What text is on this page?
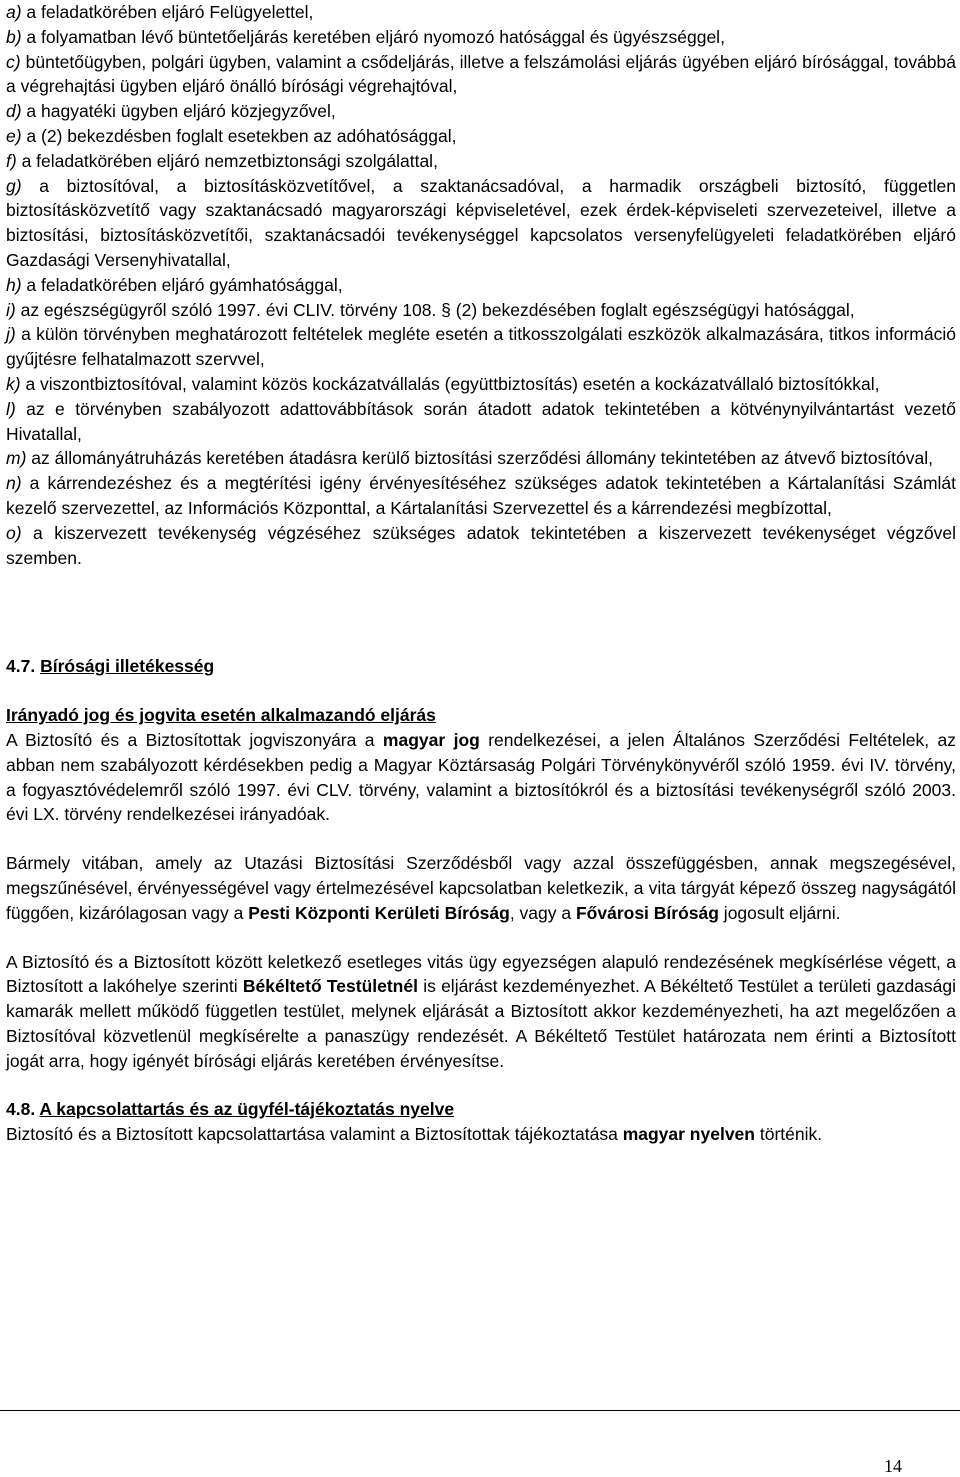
a) a feladatkörében eljáró Felügyelettel,

b) a folyamatban lévő büntetőeljárás keretében eljáró nyomozó hatósággal és ügyészséggel,

c) büntetőügyben, polgári ügyben, valamint a csődeljárás, illetve a felszámolási eljárás ügyében eljáró bírósággal, továbbá a végrehajtási ügyben eljáró önálló bírósági végrehajtóval,

d) a hagyatéki ügyben eljáró közjegyzővel,

e) a (2) bekezdésben foglalt esetekben az adóhatósággal,

f) a feladatkörében eljáró nemzetbiztonsági szolgálattal,

g) a biztosítóval, a biztosításközvetítővel, a szaktanácsadóval, a harmadik országbeli biztosító, független biztosításközvetítő vagy szaktanácsadó magyarországi képviseletével, ezek érdek-képviseleti szervezeteivel, illetve a biztosítási, biztosításközvetítői, szaktanácsadói tevékenységgel kapcsolatos versenyfelügyeleti feladatkörében eljáró Gazdasági Versenyhivatallal,

h) a feladatkörében eljáró gyámhatósággal,

i) az egészségügyről szóló 1997. évi CLIV. törvény 108. § (2) bekezdésében foglalt egészségügyi hatósággal,

j) a külön törvényben meghatározott feltételek megléte esetén a titkosszolgálati eszközök alkalmazására, titkos információ gyűjtésre felhatalmazott szervvel,

k) a viszontbiztosítóval, valamint közös kockázatvállalás (együttbiztosítás) esetén a kockázatvállaló biztosítókkal,

l) az e törvényben szabályozott adattovábbítások során átadott adatok tekintetében a kötvénynyilvántartást vezető Hivatallal,

m) az állományátruházás keretében átadásra kerülő biztosítási szerződési állomány tekintetében az átvevő biztosítóval,

n) a kárrendezéshez és a megtérítési igény érvényesítéséhez szükséges adatok tekintetében a Kártalanítási Számlát kezelő szervezettel, az Információs Központtal, a Kártalanítási Szervezettel és a kárrendezési megbízottal,

o) a kiszervezett tevékenység végzéséhez szükséges adatok tekintetében a kiszervezett tevékenységet végzővel szemben.

4.7. Bírósági illetékesség

Irányadó jog és jogvita esetén alkalmazandó eljárás

A Biztosító és a Biztosítottak jogviszonyára a magyar jog rendelkezései, a jelen Általános Szerződési Feltételek, az abban nem szabályozott kérdésekben pedig a Magyar Köztársaság Polgári Törvénykönyvéről szóló 1959. évi IV. törvény, a fogyasztóvédelemről szóló 1997. évi CLV. törvény, valamint a biztosítókról és a biztosítási tevékenységről szóló 2003. évi LX. törvény rendelkezései irányadóak.

Bármely vitában, amely az Utazási Biztosítási Szerződésből vagy azzal összefüggésben, annak megszegésével, megszűnésével, érvényességével vagy értelmezésével kapcsolatban keletkezik, a vita tárgyát képező összeg nagyságától függően, kizárólagosan vagy a Pesti Központi Kerületi Bíróság, vagy a Fővárosi Bíróság jogosult eljárni.

A Biztosító és a Biztosított között keletkező esetleges vitás ügy egyezségen alapuló rendezésének megkísérlése végett, a Biztosított a lakóhelye szerinti Békéltető Testületnél is eljárást kezdeményezhet. A Békéltető Testület a területi gazdasági kamarák mellett működő független testület, melynek eljárását a Biztosított akkor kezdeményezheti, ha azt megelőzően a Biztosítóval közvetlenül megkísérelte a panaszügy rendezését. A Békéltető Testület határozata nem érinti a Biztosított jogát arra, hogy igényét bírósági eljárás keretében érvényesítse.

4.8. A kapcsolattartás és az ügyfél-tájékoztatás nyelve

Biztosító és a Biztosított kapcsolattartása valamint a Biztosítottak tájékoztatása magyar nyelven történik.

14
